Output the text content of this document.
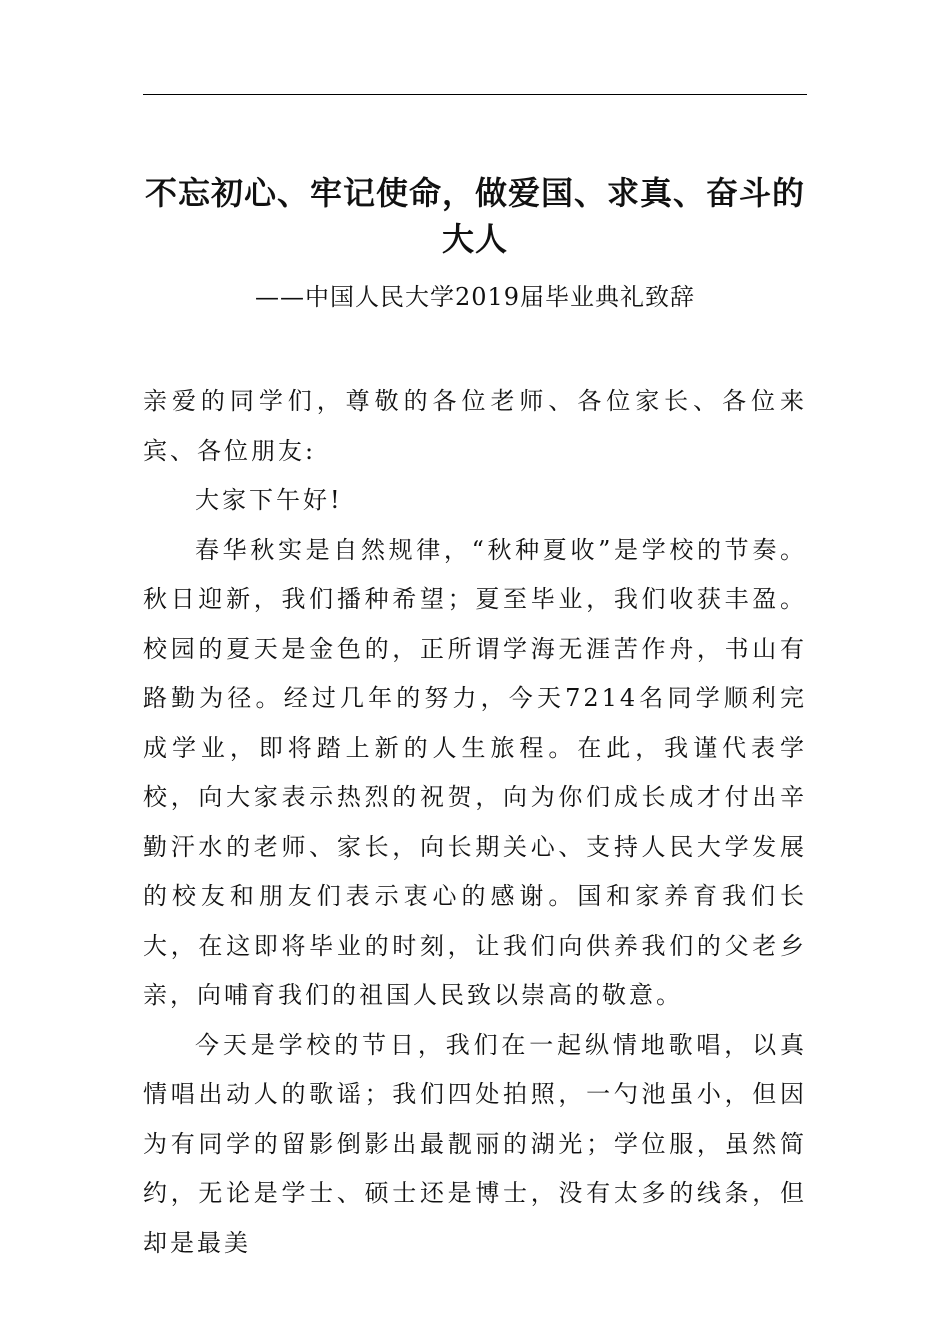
不忘初心、牢记使命，做爱国、求真、奋斗的大人

——中国人民大学2019届毕业典礼致辞

亲爱的同学们，尊敬的各位老师、各位家长、各位来宾、各位朋友:

大家下午好!

春华秋实是自然规律，“秋种夏收”是学校的节奏。秋日迎新，我们播种希望；夏至毕业，我们收获丰盈。校园的夏天是金色的，正所谓学海无涯苦作舟，书山有路勤为径。经过几年的努力，今天7214名同学顺利完成学业，即将踏上新的人生旅程。在此，我谨代表学校，向大家表示热烈的祝贺，向为你们成长成才付出辛勤汗水的老师、家长，向长期关心、支持人民大学发展的校友和朋友们表示衷心的感谢。国和家养育我们长大，在这即将毕业的时刻，让我们向供养我们的父老乡亲，向哺育我们的祖国人民致以崇高的敬意。

今天是学校的节日，我们在一起纵情地歌唱，以真情唱出动人的歌谣；我们四处拍照，一勺池虽小，但因为有同学的留影倒影出最靓丽的湖光；学位服，虽然简约，无论是学士、硕士还是博士，没有太多的线条，但却是最美
